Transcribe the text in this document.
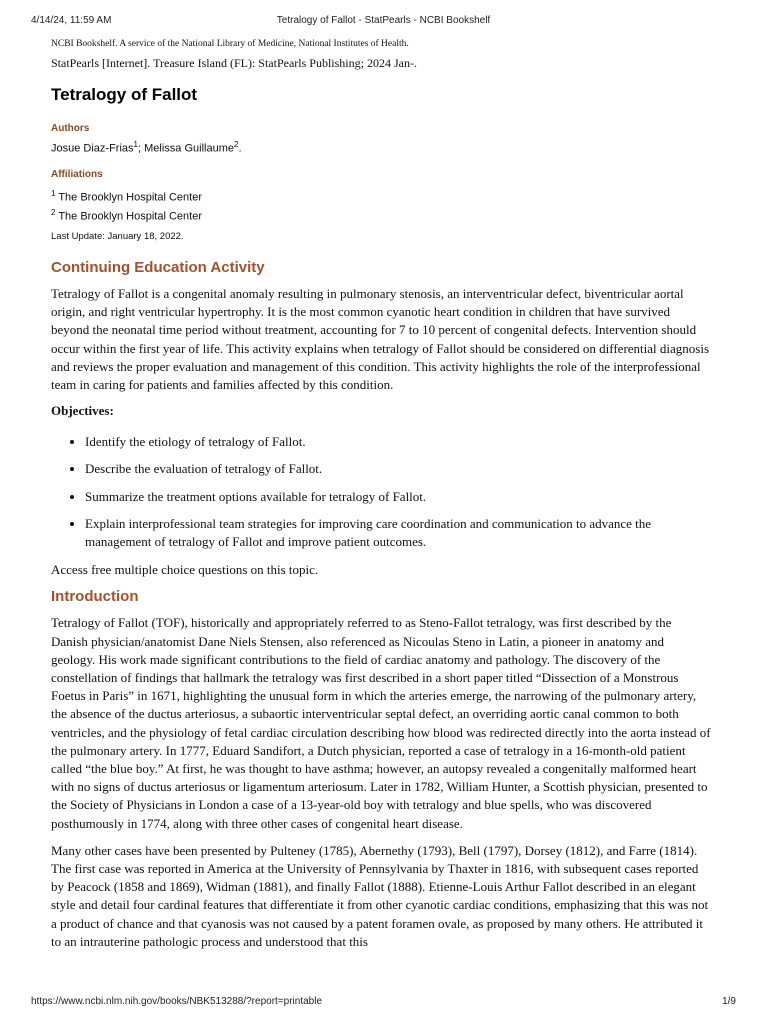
4/14/24, 11:59 AM	Tetralogy of Fallot - StatPearls - NCBI Bookshelf
NCBI Bookshelf. A service of the National Library of Medicine, National Institutes of Health.
StatPearls [Internet]. Treasure Island (FL): StatPearls Publishing; 2024 Jan-.
Tetralogy of Fallot
Authors
Josue Diaz-Frias$^1$; Melissa Guillaume$^2$.
Affiliations
$^1$ The Brooklyn Hospital Center
$^2$ The Brooklyn Hospital Center
Last Update: January 18, 2022.
Continuing Education Activity

Tetralogy of Fallot is a congenital anomaly resulting in pulmonary stenosis, an interventricular defect, biventricular aortal origin, and right ventricular hypertrophy. It is the most common cyanotic heart condition in children that have survived beyond the neonatal time period without treatment, accounting for 7 to 10 percent of congenital defects. Intervention should occur within the first year of life. This activity explains when tetralogy of Fallot should be considered on differential diagnosis and reviews the proper evaluation and management of this condition. This activity highlights the role of the interprofessional team in caring for patients and families affected by this condition.

Objectives:
• Identify the etiology of tetralogy of Fallot.
• Describe the evaluation of tetralogy of Fallot.
• Summarize the treatment options available for tetralogy of Fallot.
• Explain interprofessional team strategies for improving care coordination and communication to advance the management of tetralogy of Fallot and improve patient outcomes.

Access free multiple choice questions on this topic.

Introduction

Tetralogy of Fallot (TOF), historically and appropriately referred to as Steno-Fallot tetralogy, was first described by the Danish physician/anatomist Dane Niels Stensen, also referenced as Nicoulas Steno in Latin, a pioneer in anatomy and geology. His work made significant contributions to the field of cardiac anatomy and pathology. The discovery of the constellation of findings that hallmark the tetralogy was first described in a short paper titled “Dissection of a Monstrous Foetus in Paris” in 1671, highlighting the unusual form in which the arteries emerge, the narrowing of the pulmonary artery, the absence of the ductus arteriosus, a subaortic interventricular septal defect, an overriding aortic canal common to both ventricles, and the physiology of fetal cardiac circulation describing how blood was redirected directly into the aorta instead of the pulmonary artery. In 1777, Eduard Sandifort, a Dutch physician, reported a case of tetralogy in a 16-month-old patient called “the blue boy.” At first, he was thought to have asthma; however, an autopsy revealed a congenitally malformed heart with no signs of ductus arteriosus or ligamentum arteriosum. Later in 1782, William Hunter, a Scottish physician, presented to the Society of Physicians in London a case of a 13-year-old boy with tetralogy and blue spells, who was discovered posthumously in 1774, along with three other cases of congenital heart disease.

Many other cases have been presented by Pulteney (1785), Abernethy (1793), Bell (1797), Dorsey (1812), and Farre (1814). The first case was reported in America at the University of Pennsylvania by Thaxter in 1816, with subsequent cases reported by Peacock (1858 and 1869), Widman (1881), and finally Fallot (1888). Etienne-Louis Arthur Fallot described in an elegant style and detail four cardinal features that differentiate it from other cyanotic cardiac conditions, emphasizing that this was not a product of chance and that cyanosis was not caused by a patent foramen ovale, as proposed by many others. He attributed it to an intrauterine pathologic process and understood that this

https://www.ncbi.nlm.nih.gov/books/NBK513288/?report=printable	1/9
